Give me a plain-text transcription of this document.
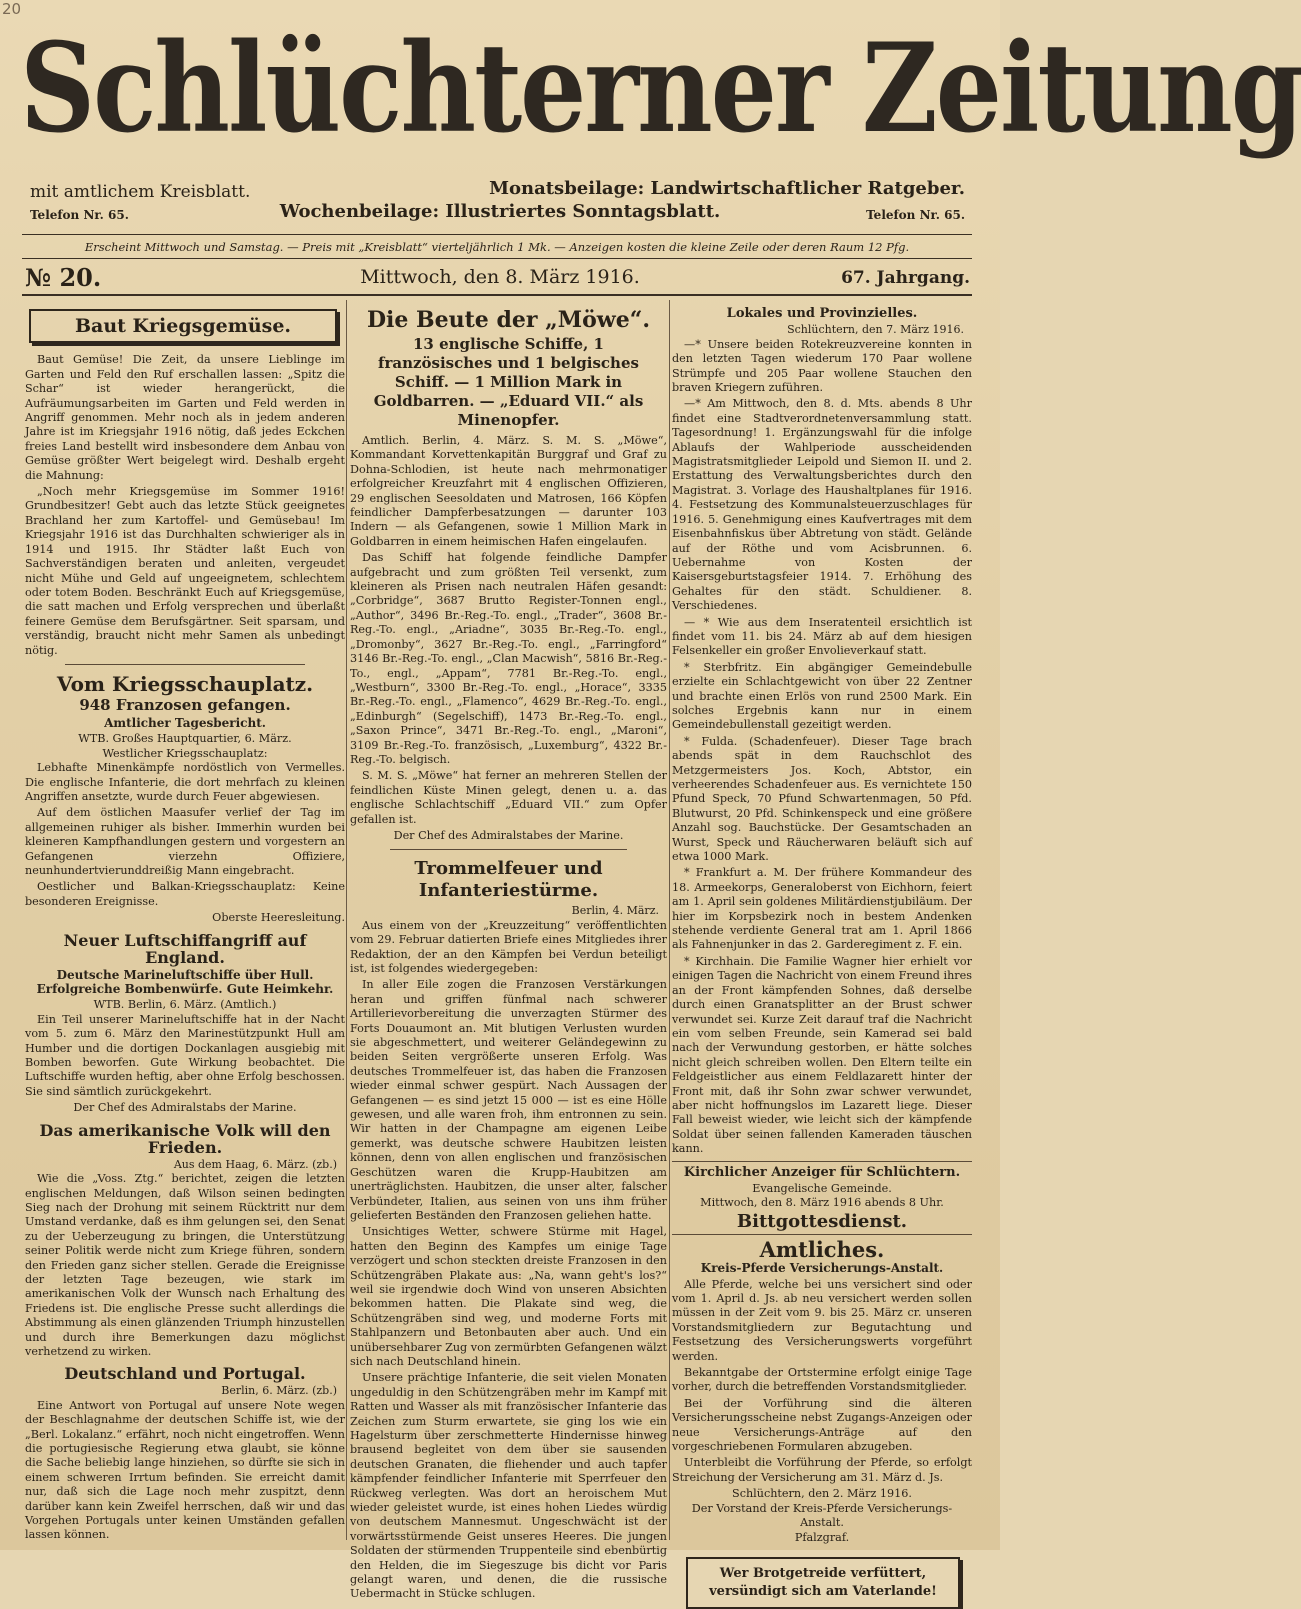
20
Schlüchterner Zeitung
mit amtlichem Kreisblatt.	Monatsbeilage: Landwirtschaftlicher Ratgeber.
Wochenbeilage: Illustriertes Sonntagsblatt.
Telefon Nr. 65.	Telefon Nr. 65.
Erscheint Mittwoch und Samstag. — Preis mit „Kreisblatt“ vierteljährlich 1 Mk. — Anzeigen kosten die kleine Zeile oder deren Raum 12 Pfg.
№ 20.	Mittwoch, den 8. März 1916.	67. Jahrgang.
Baut Kriegsgemüse.

Baut Gemüse! Die Zeit, da unsere Lieblinge im Garten und Feld den Ruf erschallen lassen: „Spitz die Schar“ ist wieder herangerückt, die Aufräumungsarbeiten im Garten und Feld werden in Angriff genommen. Mehr noch als in jedem anderen Jahre ist im Kriegsjahr 1916 nötig, daß jedes Eckchen freies Land bestellt wird insbesondere dem Anbau von Gemüse größter Wert beigelegt wird. Deshalb ergeht die Mahnung:

„Noch mehr Kriegsgemüse im Sommer 1916! Grundbesitzer! Gebt auch das letzte Stück geeignetes Brachland her zum Kartoffel- und Gemüsebau! Im Kriegsjahr 1916 ist das Durchhalten schwieriger als in 1914 und 1915. Ihr Städter laßt Euch von Sachverständigen beraten und anleiten, vergeudet nicht Mühe und Geld auf ungeeignetem, schlechtem oder totem Boden. Beschränkt Euch auf Kriegsgemüse, die satt machen und Erfolg versprechen und überlaßt feinere Gemüse dem Berufsgärtner. Seit sparsam, und verständig, braucht nicht mehr Samen als unbedingt nötig.

Vom Kriegsschauplatz.
948 Franzosen gefangen.
Amtlicher Tagesbericht.
WTB. Großes Hauptquartier, 6. März.
Westlicher Kriegsschauplatz:

Lebhafte Minenkämpfe nordöstlich von Vermelles. Die englische Infanterie, die dort mehrfach zu kleinen Angriffen ansetzte, wurde durch Feuer abgewiesen.

Auf dem östlichen Maasufer verlief der Tag im allgemeinen ruhiger als bisher. Immerhin wurden bei kleineren Kampfhandlungen gestern und vorgestern an Gefangenen vierzehn Offiziere, neunhundertvierunddreißig Mann eingebracht.

Oestlicher und Balkan-Kriegsschauplatz: Keine besonderen Ereignisse.

Oberste Heeresleitung.
Neuer Luftschiffangriff auf England.
Deutsche Marineluftschiffe über Hull. Erfolgreiche Bombenwürfe. Gute Heimkehr.
WTB. Berlin, 6. März. (Amtlich.)

Ein Teil unserer Marineluftschiffe hat in der Nacht vom 5. zum 6. März den Marinestützpunkt Hull am Humber und die dortigen Dockanlagen ausgiebig mit Bomben beworfen. Gute Wirkung beobachtet. Die Luftschiffe wurden heftig, aber ohne Erfolg beschossen. Sie sind sämtlich zurückgekehrt.

Der Chef des Admiralstabs der Marine.
Das amerikanische Volk will den Frieden.
Aus dem Haag, 6. März. (zb.)

Wie die „Voss. Ztg.“ berichtet, zeigen die letzten englischen Meldungen, daß Wilson seinen bedingten Sieg nach der Drohung mit seinem Rücktritt nur dem Umstand verdanke, daß es ihm gelungen sei, den Senat zu der Ueberzeugung zu bringen, die Unterstützung seiner Politik werde nicht zum Kriege führen, sondern den Frieden ganz sicher stellen. Gerade die Ereignisse der letzten Tage bezeugen, wie stark im amerikanischen Volk der Wunsch nach Erhaltung des Friedens ist. Die englische Presse sucht allerdings die Abstimmung als einen glänzenden Triumph hinzustellen und durch ihre Bemerkungen dazu möglichst verhetzend zu wirken.

Deutschland und Portugal.
Berlin, 6. März. (zb.)

Eine Antwort von Portugal auf unsere Note wegen der Beschlagnahme der deutschen Schiffe ist, wie der „Berl. Lokalanz.“ erfährt, noch nicht eingetroffen. Wenn die portugiesische Regierung etwa glaubt, sie könne die Sache beliebig lange hinziehen, so dürfte sie sich in einem schweren Irrtum befinden. Sie erreicht damit nur, daß sich die Lage noch mehr zuspitzt, denn darüber kann kein Zweifel herrschen, daß wir und das Vorgehen Portugals unter keinen Umständen gefallen lassen können.

Die Beute der „Möwe“.
13 englische Schiffe, 1 französisches und 1 belgisches Schiff. — 1 Million Mark in Goldbarren. — „Eduard VII.“ als Minenopfer.

Amtlich. Berlin, 4. März. S. M. S. „Möwe“, Kommandant Korvettenkapitän Burggraf und Graf zu Dohna-Schlodien, ist heute nach mehrmonatiger erfolgreicher Kreuzfahrt mit 4 englischen Offizieren, 29 englischen Seesoldaten und Matrosen, 166 Köpfen feindlicher Dampferbesatzungen — darunter 103 Indern — als Gefangenen, sowie 1 Million Mark in Goldbarren in einem heimischen Hafen eingelaufen.

Das Schiff hat folgende feindliche Dampfer aufgebracht und zum größten Teil versenkt, zum kleineren als Prisen nach neutralen Häfen gesandt: „Corbridge“, 3687 Brutto Register-Tonnen engl., „Author“, 3496 Br.-Reg.-To. engl., „Trader“, 3608 Br.-Reg.-To. engl., „Ariadne“, 3035 Br.-Reg.-To. engl., „Dromonby“, 3627 Br.-Reg.-To. engl., „Farringford“ 3146 Br.-Reg.-To. engl., „Clan Macwish“, 5816 Br.-Reg.-To., engl., „Appam“, 7781 Br.-Reg.-To. engl., „Westburn“, 3300 Br.-Reg.-To. engl., „Horace“, 3335 Br.-Reg.-To. engl., „Flamenco“, 4629 Br.-Reg.-To. engl., „Edinburgh“ (Segelschiff), 1473 Br.-Reg.-To. engl., „Saxon Prince“, 3471 Br.-Reg.-To. engl., „Maroni“, 3109 Br.-Reg.-To. französisch, „Luxemburg“, 4322 Br.-Reg.-To. belgisch.

S. M. S. „Möwe“ hat ferner an mehreren Stellen der feindlichen Küste Minen gelegt, denen u. a. das englische Schlachtschiff „Eduard VII.“ zum Opfer gefallen ist.

Der Chef des Admiralstabes der Marine.
Trommelfeuer und Infanteriestürme.
Berlin, 4. März.

Aus einem von der „Kreuzzeitung“ veröffentlichten vom 29. Februar datierten Briefe eines Mitgliedes ihrer Redaktion, der an den Kämpfen bei Verdun beteiligt ist, ist folgendes wiedergegeben:

In aller Eile zogen die Franzosen Verstärkungen heran und griffen fünfmal nach schwerer Artillerievorbereitung die unverzagten Stürmer des Forts Douaumont an. Mit blutigen Verlusten wurden sie abgeschmettert, und weiterer Geländegewinn zu beiden Seiten vergrößerte unseren Erfolg. Was deutsches Trommelfeuer ist, das haben die Franzosen wieder einmal schwer gespürt. Nach Aussagen der Gefangenen — es sind jetzt 15 000 — ist es eine Hölle gewesen, und alle waren froh, ihm entronnen zu sein. Wir hatten in der Champagne am eigenen Leibe gemerkt, was deutsche schwere Haubitzen leisten können, denn von allen englischen und französischen Geschützen waren die Krupp-Haubitzen am unerträglichsten. Haubitzen, die unser alter, falscher Verbündeter, Italien, aus seinen von uns ihm früher gelieferten Beständen den Franzosen geliehen hatte.

Unsichtiges Wetter, schwere Stürme mit Hagel, hatten den Beginn des Kampfes um einige Tage verzögert und schon steckten dreiste Franzosen in den Schützengräben Plakate aus: „Na, wann geht's los?“ weil sie irgendwie doch Wind von unseren Absichten bekommen hatten. Die Plakate sind weg, die Schützengräben sind weg, und moderne Forts mit Stahlpanzern und Betonbauten aber auch. Und ein unübersehbarer Zug von zermürbten Gefangenen wälzt sich nach Deutschland hinein.

Unsere prächtige Infanterie, die seit vielen Monaten ungeduldig in den Schützengräben mehr im Kampf mit Ratten und Wasser als mit französischer Infanterie das Zeichen zum Sturm erwartete, sie ging los wie ein Hagelsturm über zerschmetterte Hindernisse hinweg brausend begleitet von dem über sie sausenden deutschen Granaten, die fliehender und auch tapfer kämpfender feindlicher Infanterie mit Sperrfeuer den Rückweg verlegten. Was dort an heroischem Mut wieder geleistet wurde, ist eines hohen Liedes würdig von deutschem Mannesmut. Ungeschwächt ist der vorwärtsstürmende Geist unseres Heeres. Die jungen Soldaten der stürmenden Truppenteile sind ebenbürtig den Helden, die im Siegeszuge bis dicht vor Paris gelangt waren, und denen, die die russische Uebermacht in Stücke schlugen.

Lokales und Provinzielles.
Schlüchtern, den 7. März 1916.

—* Unsere beiden Rotekreuzvereine konnten in den letzten Tagen wiederum 170 Paar wollene Strümpfe und 205 Paar wollene Stauchen den braven Kriegern zuführen.

—* Am Mittwoch, den 8. d. Mts. abends 8 Uhr findet eine Stadtverordnetenversammlung statt. Tagesordnung! 1. Ergänzungswahl für die infolge Ablaufs der Wahlperiode ausscheidenden Magistratsmitglieder Leipold und Siemon II. und 2. Erstattung des Verwaltungsberichtes durch den Magistrat. 3. Vorlage des Haushaltplanes für 1916. 4. Festsetzung des Kommunalsteuerzuschlages für 1916. 5. Genehmigung eines Kaufvertrages mit dem Eisenbahnfiskus über Abtretung von städt. Gelände auf der Röthe und vom Acisbrunnen. 6. Uebernahme von Kosten der Kaisersgeburtstagsfeier 1914. 7. Erhöhung des Gehaltes für den städt. Schuldiener. 8. Verschiedenes.

— * Wie aus dem Inseratenteil ersichtlich ist findet vom 11. bis 24. März ab auf dem hiesigen Felsenkeller ein großer Envolieverkauf statt.

* Sterbfritz. Ein abgängiger Gemeindebulle erzielte ein Schlachtgewicht von über 22 Zentner und brachte einen Erlös von rund 2500 Mark. Ein solches Ergebnis kann nur in einem Gemeindebullenstall gezeitigt werden.

* Fulda. (Schadenfeuer). Dieser Tage brach abends spät in dem Rauchschlot des Metzgermeisters Jos. Koch, Abtstor, ein verheerendes Schadenfeuer aus. Es vernichtete 150 Pfund Speck, 70 Pfund Schwartenmagen, 50 Pfd. Blutwurst, 20 Pfd. Schinkenspeck und eine größere Anzahl sog. Bauchstücke. Der Gesamtschaden an Wurst, Speck und Räucherwaren beläuft sich auf etwa 1000 Mark.

* Frankfurt a. M. Der frühere Kommandeur des 18. Armeekorps, Generaloberst von Eichhorn, feiert am 1. April sein goldenes Militärdienstjubiläum. Der hier im Korpsbezirk noch in bestem Andenken stehende verdiente General trat am 1. April 1866 als Fahnenjunker in das 2. Garderegiment z. F. ein.

* Kirchhain. Die Familie Wagner hier erhielt vor einigen Tagen die Nachricht von einem Freund ihres an der Front kämpfenden Sohnes, daß derselbe durch einen Granatsplitter an der Brust schwer verwundet sei. Kurze Zeit darauf traf die Nachricht ein vom selben Freunde, sein Kamerad sei bald nach der Verwundung gestorben, er hätte solches nicht gleich schreiben wollen. Den Eltern teilte ein Feldgeistlicher aus einem Feldlazarett hinter der Front mit, daß ihr Sohn zwar schwer verwundet, aber nicht hoffnungslos im Lazarett liege. Dieser Fall beweist wieder, wie leicht sich der kämpfende Soldat über seinen fallenden Kameraden täuschen kann.

Kirchlicher Anzeiger für Schlüchtern.
Evangelische Gemeinde.
Mittwoch, den 8. März 1916 abends 8 Uhr.
Bittgottesdienst.
Amtliches.
Kreis-Pferde Versicherungs-Anstalt.

Alle Pferde, welche bei uns versichert sind oder vom 1. April d. Js. ab neu versichert werden sollen müssen in der Zeit vom 9. bis 25. März cr. unseren Vorstandsmitgliedern zur Begutachtung und Festsetzung des Versicherungswerts vorgeführt werden.

Bekanntgabe der Ortstermine erfolgt einige Tage vorher, durch die betreffenden Vorstandsmitglieder.

Bei der Vorführung sind die älteren Versicherungsscheine nebst Zugangs-Anzeigen oder neue Versicherungs-Anträge auf den vorgeschriebenen Formularen abzugeben.

Unterbleibt die Vorführung der Pferde, so erfolgt Streichung der Versicherung am 31. März d. Js.

Schlüchtern, den 2. März 1916.
Der Vorstand der Kreis-Pferde Versicherungs-Anstalt.
Pfalzgraf.
Wer Brotgetreide verfüttert,
versündigt sich am Vaterlande!
